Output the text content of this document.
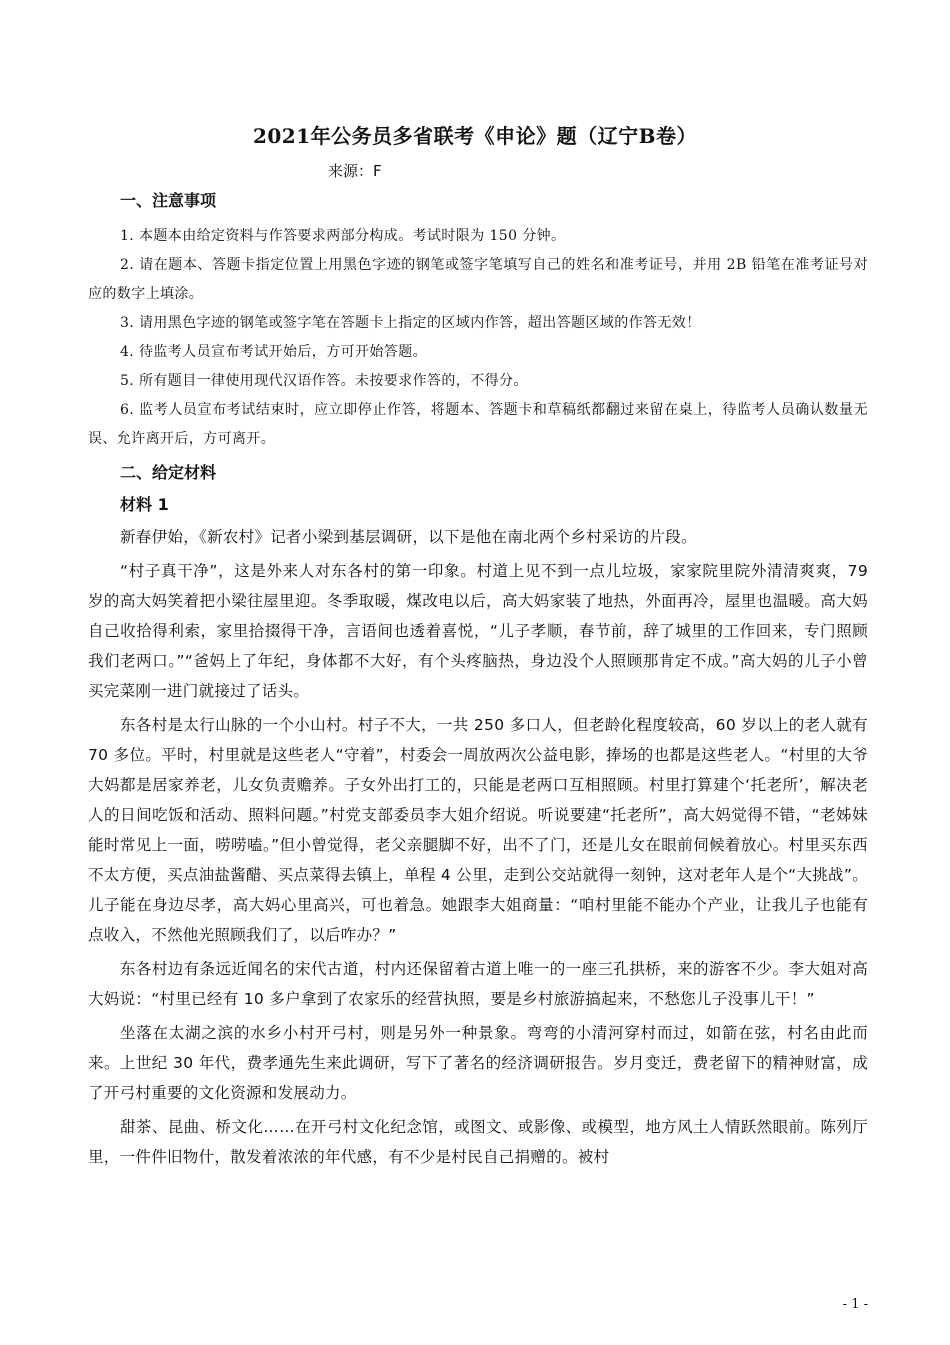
2021年公务员多省联考《申论》题（辽宁B卷）
来源：F
一、注意事项

1. 本题本由给定资料与作答要求两部分构成。考试时限为 150 分钟。

2. 请在题本、答题卡指定位置上用黑色字迹的钢笔或签字笔填写自己的姓名和准考证号，并用 2B 铅笔在准考证号对应的数字上填涂。

3. 请用黑色字迹的钢笔或签字笔在答题卡上指定的区域内作答，超出答题区域的作答无效！

4. 待监考人员宣布考试开始后，方可开始答题。

5. 所有题目一律使用现代汉语作答。未按要求作答的，不得分。

6. 监考人员宣布考试结束时，应立即停止作答，将题本、答题卡和草稿纸都翻过来留在桌上，待监考人员确认数量无误、允许离开后，方可离开。

二、给定材料
材料 1

新春伊始，《新农村》记者小梁到基层调研，以下是他在南北两个乡村采访的片段。

“村子真干净”，这是外来人对东各村的第一印象。村道上见不到一点儿垃圾，家家院里院外清清爽爽，79 岁的高大妈笑着把小梁往屋里迎。冬季取暖，煤改电以后，高大妈家装了地热，外面再冷，屋里也温暖。高大妈自己收拾得利索，家里拾掇得干净，言语间也透着喜悦，“儿子孝顺，春节前，辞了城里的工作回来，专门照顾我们老两口。”“爸妈上了年纪，身体都不大好，有个头疼脑热，身边没个人照顾那肯定不成。”高大妈的儿子小曾买完菜刚一进门就接过了话头。

东各村是太行山脉的一个小山村。村子不大，一共 250 多口人，但老龄化程度较高，60 岁以上的老人就有 70 多位。平时，村里就是这些老人“守着”，村委会一周放两次公益电影，捧场的也都是这些老人。“村里的大爷大妈都是居家养老，儿女负责赡养。子女外出打工的，只能是老两口互相照顾。村里打算建个‘托老所’，解决老人的日间吃饭和活动、照料问题。”村党支部委员李大姐介绍说。听说要建“托老所”，高大妈觉得不错，“老姊妹能时常见上一面，唠唠嗑。”但小曾觉得，老父亲腿脚不好，出不了门，还是儿女在眼前伺候着放心。村里买东西不太方便，买点油盐酱醋、买点菜得去镇上，单程 4 公里，走到公交站就得一刻钟，这对老年人是个“大挑战”。儿子能在身边尽孝，高大妈心里高兴，可也着急。她跟李大姐商量：“咱村里能不能办个产业，让我儿子也能有点收入，不然他光照顾我们了，以后咋办？”

东各村边有条远近闻名的宋代古道，村内还保留着古道上唯一的一座三孔拱桥，来的游客不少。李大姐对高大妈说：“村里已经有 10 多户拿到了农家乐的经营执照，要是乡村旅游搞起来，不愁您儿子没事儿干！”

坐落在太湖之滨的水乡小村开弓村，则是另外一种景象。弯弯的小清河穿村而过，如箭在弦，村名由此而来。上世纪 30 年代，费孝通先生来此调研，写下了著名的经济调研报告。岁月变迁，费老留下的精神财富，成了开弓村重要的文化资源和发展动力。

甜茶、昆曲、桥文化……在开弓村文化纪念馆，或图文、或影像、或模型，地方风土人情跃然眼前。陈列厅里，一件件旧物什，散发着浓浓的年代感，有不少是村民自己捐赠的。被村

- 1 -
